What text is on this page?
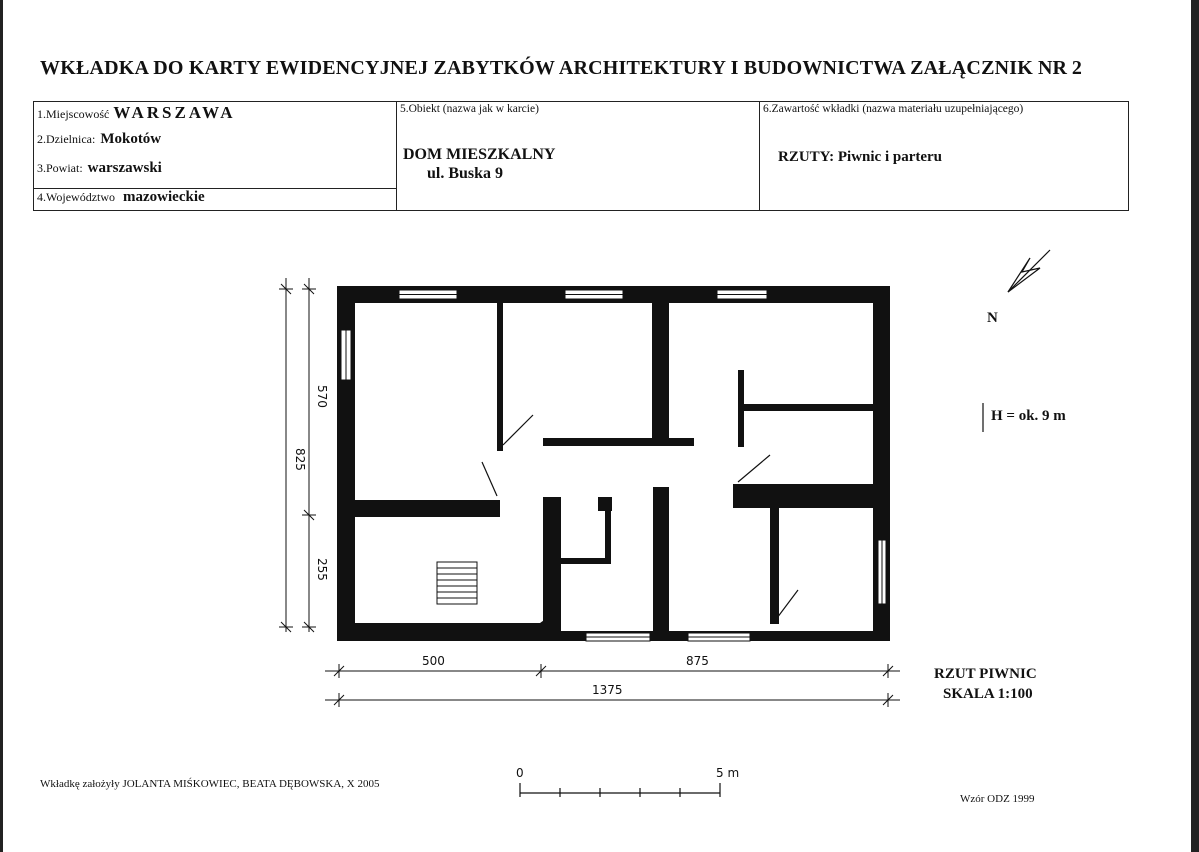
WKŁADKA DO KARTY EWIDENCYJNEJ ZABYTKÓW ARCHITEKTURY I BUDOWNICTWA ZAŁĄCZNIK NR 2
1.Miejscowość WARSZAWA
2.Dzielnica: Mokotów
3.Powiat: warszawski
4.Województwo mazowieckie
5.Obiekt (nazwa jak w karcie)
DOM MIESZKALNY
ul. Buska 9
6.Zawartość wkładki (nazwa materiału uzupełniającego)
RZUTY: Piwnic i parteru
825
570
255
500	875
1375
N
H = ok. 9 m
RZUT PIWNIC
SKALA 1:100
0	5 m
Wkładkę założyły JOLANTA MIŚKOWIEC, BEATA DĘBOWSKA, X 2005
Wzór ODZ 1999
